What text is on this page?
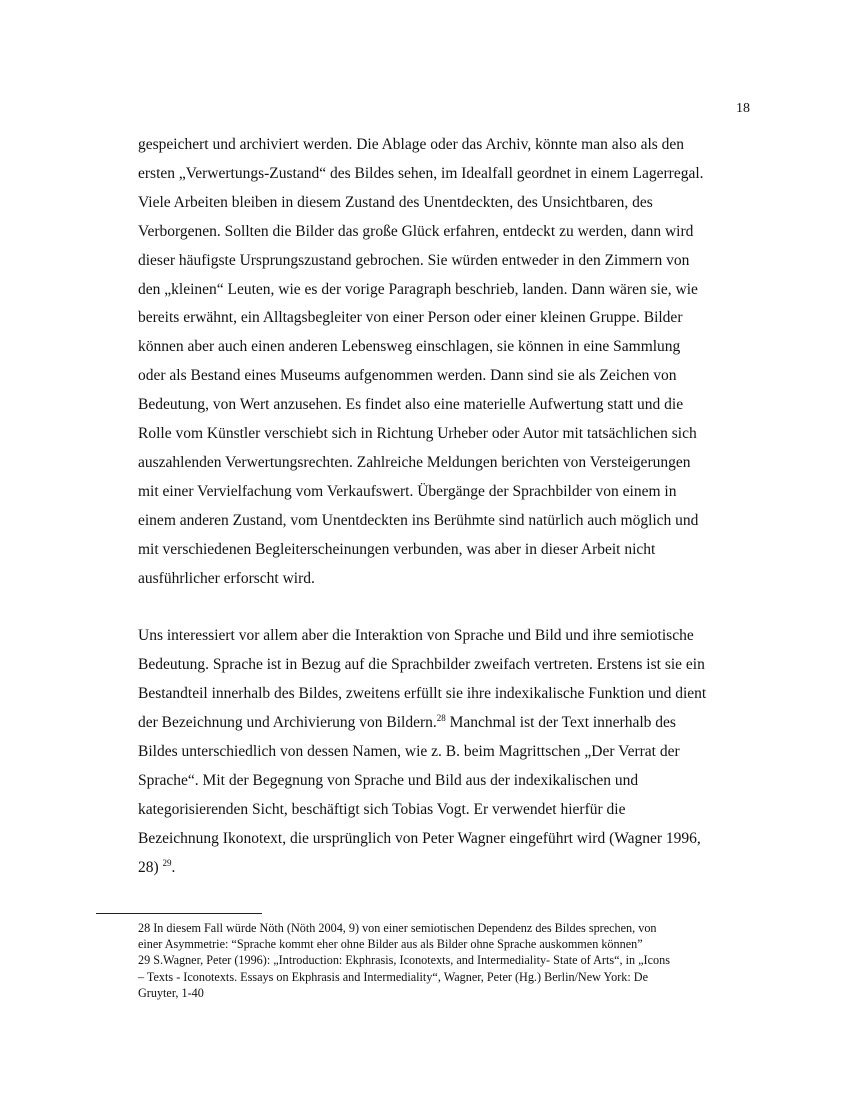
18

gespeichert und archiviert werden. Die Ablage oder das Archiv, könnte man also als den
ersten „Verwertungs-Zustand“ des Bildes sehen, im Idealfall geordnet in einem Lagerregal.
Viele Arbeiten bleiben in diesem Zustand des Unentdeckten, des Unsichtbaren, des
Verborgenen. Sollten die Bilder das große Glück erfahren, entdeckt zu werden, dann wird
dieser häufigste Ursprungszustand gebrochen. Sie würden entweder in den Zimmern von
den „kleinen“ Leuten, wie es der vorige Paragraph beschrieb, landen. Dann wären sie, wie
bereits erwähnt, ein Alltagsbegleiter von einer Person oder einer kleinen Gruppe. Bilder
können aber auch einen anderen Lebensweg einschlagen, sie können in eine Sammlung
oder als Bestand eines Museums aufgenommen werden. Dann sind sie als Zeichen von
Bedeutung, von Wert anzusehen. Es findet also eine materielle Aufwertung statt und die
Rolle vom Künstler verschiebt sich in Richtung Urheber oder Autor mit tatsächlichen sich
auszahlenden Verwertungsrechten. Zahlreiche Meldungen berichten von Versteigerungen
mit einer Vervielfachung vom Verkaufswert. Übergänge der Sprachbilder von einem in
einem anderen Zustand, vom Unentdeckten ins Berühmte sind natürlich auch möglich und
mit verschiedenen Begleiterscheinungen verbunden, was aber in dieser Arbeit nicht
ausführlicher erforscht wird.

Uns interessiert vor allem aber die Interaktion von Sprache und Bild und ihre semiotische
Bedeutung. Sprache ist in Bezug auf die Sprachbilder zweifach vertreten. Erstens ist sie ein
Bestandteil innerhalb des Bildes, zweitens erfüllt sie ihre indexikalische Funktion und dient
der Bezeichnung und Archivierung von Bildern.$^{28}$ Manchmal ist der Text innerhalb des
Bildes unterschiedlich von dessen Namen, wie z. B. beim Magrittschen „Der Verrat der
Sprache“. Mit der Begegnung von Sprache und Bild aus der indexikalischen und
kategorisierenden Sicht, beschäftigt sich Tobias Vogt. Er verwendet hierfür die
Bezeichnung Ikonotext, die ursprünglich von Peter Wagner eingeführt wird (Wagner 1996,
28) $^{29}$.

28 In diesem Fall würde Nöth (Nöth 2004, 9) von einer semiotischen Dependenz des Bildes sprechen, von
einer Asymmetrie: “Sprache kommt eher ohne Bilder aus als Bilder ohne Sprache auskommen können”
29 S.Wagner, Peter (1996): „Introduction: Ekphrasis, Iconotexts, and Intermediality- State of Arts“, in „Icons
– Texts - Iconotexts. Essays on Ekphrasis and Intermediality“, Wagner, Peter (Hg.) Berlin/New York: De
Gruyter, 1-40
